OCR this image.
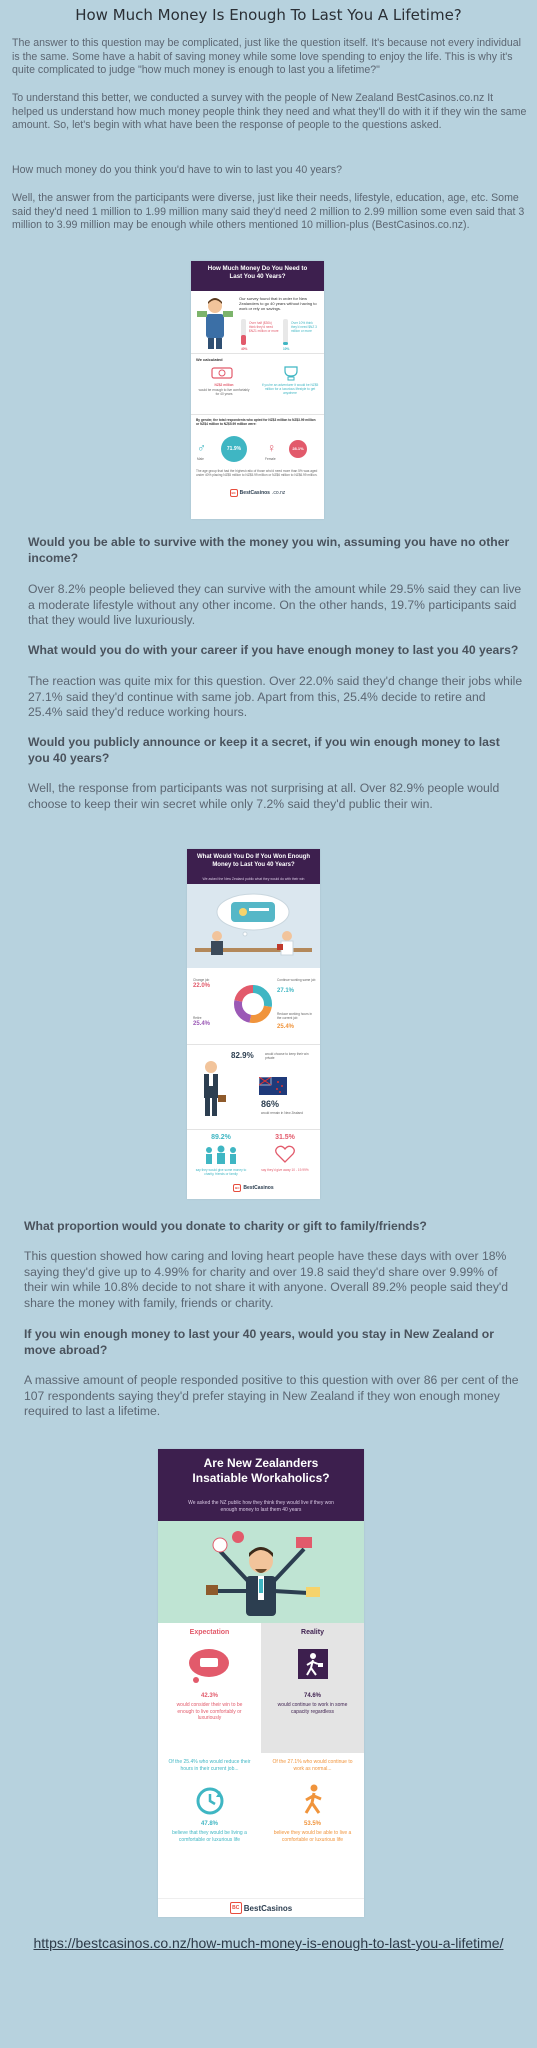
How Much Money Is Enough To Last You A Lifetime?

The answer to this question may be complicated, just like the question itself. It's because not every individual is the same. Some have a habit of saving money while some love spending to enjoy the life. This is why it's quite complicated to judge "how much money is enough to last you a lifetime?"

To understand this better, we conducted a survey with the people of New Zealand BestCasinos.co.nz It helped us understand how much money people think they need and what they'll do with it if they win the same amount. So, let's begin with what have been the response of people to the questions asked.

How much money do you think you'd have to win to last you 40 years?

Well, the answer from the participants were diverse, just like their needs, lifestyle, education, age, etc. Some said they'd need 1 million to 1.99 million many said they'd need 2 million to 2.99 million some even said that 3 million to 3.99 million may be enough while others mentioned 10 million-plus (BestCasinos.co.nz).

How Much Money Do You Need to Last You 40 Years?
Our survey found that in order for New Zealanders to go 40 years without having to work or rely on savings.
Over half ($30k) think they'd need $NZ1 million or more
40%
Over 10% think they'd need $NZ 3 million or more
10%
We calculated
NZ$2 million
would be enough to live comfortably for 40 years
If you're an adventurer it would be NZ$5 million for a luxurious lifestyle to get anywhere
By gender, the total respondents who opted for NZ$3 million to NZ$3.99 million or NZ$4 million to NZ$5.99 million were:
♂
Male
71.9%	♀
Female
28.1%
The age group that had the highest ratio of those who'd need more than 5% was aged under 40% placing NZ$5 million to NZ$5.99 million or NZ$6 million to NZ$6.99 million.
BC BestCasinos .co.nz

Would you be able to survive with the money you win, assuming you have no other income?

Over 8.2% people believed they can survive with the amount while 29.5% said they can live a moderate lifestyle without any other income. On the other hands, 19.7% participants said that they would live luxuriously.

What would you do with your career if you have enough money to last you 40 years?

The reaction was quite mix for this question. Over 22.0% said they'd change their jobs while 27.1% said they'd continue with same job. Apart from this, 25.4% decide to retire and 25.4% said they'd reduce working hours.

Would you publicly announce or keep it a secret, if you win enough money to last you 40 years?

Well, the response from participants was not surprising at all. Over 82.9% people would choose to keep their win secret while only 7.2% said they'd public their win.

What Would You Do If You Won Enough Money to Last You 40 Years?
We asked the New Zealand public what they would do with their win
Change job
22.0%
Continue working same job
27.1%
Retire
25.4%
Reduce working hours in the current job
25.4%
82.9%	would choose to keep their win private
86%
would remain in New Zealand
89.2%
say they would give some money to charity, friends or family
31.5%
say they'd give away 10 - 19.99%
BC BestCasinos

What proportion would you donate to charity or gift to family/friends?

This question showed how caring and loving heart people have these days with over 18% saying they'd give up to 4.99% for charity and over 19.8 said they'd share over 9.99% of their win while 10.8% decide to not share it with anyone. Overall 89.2% people said they'd share the money with family, friends or charity.

If you win enough money to last your 40 years, would you stay in New Zealand or move abroad?

A massive amount of people responded positive to this question with over 86 per cent of the 107 respondents saying they'd prefer staying in New Zealand if they won enough money required to last a lifetime.

Are New Zealanders Insatiable Workaholics?
We asked the NZ public how they think they would live if they won enough money to last them 40 years
Expectation
42.3%
would consider their win to be enough to live comfortably or luxuriously
Reality
74.6%
would continue to work in some capacity regardless
Of the 25.4% who would reduce their hours in their current job...
47.8%
believe that they would be living a comfortable or luxurious life
Of the 27.1% who would continue to work as normal...
53.5%
believe they would be able to live a comfortable or luxurious life
BC BestCasinos
https://bestcasinos.co.nz/how-much-money-is-enough-to-last-you-a-lifetime/
